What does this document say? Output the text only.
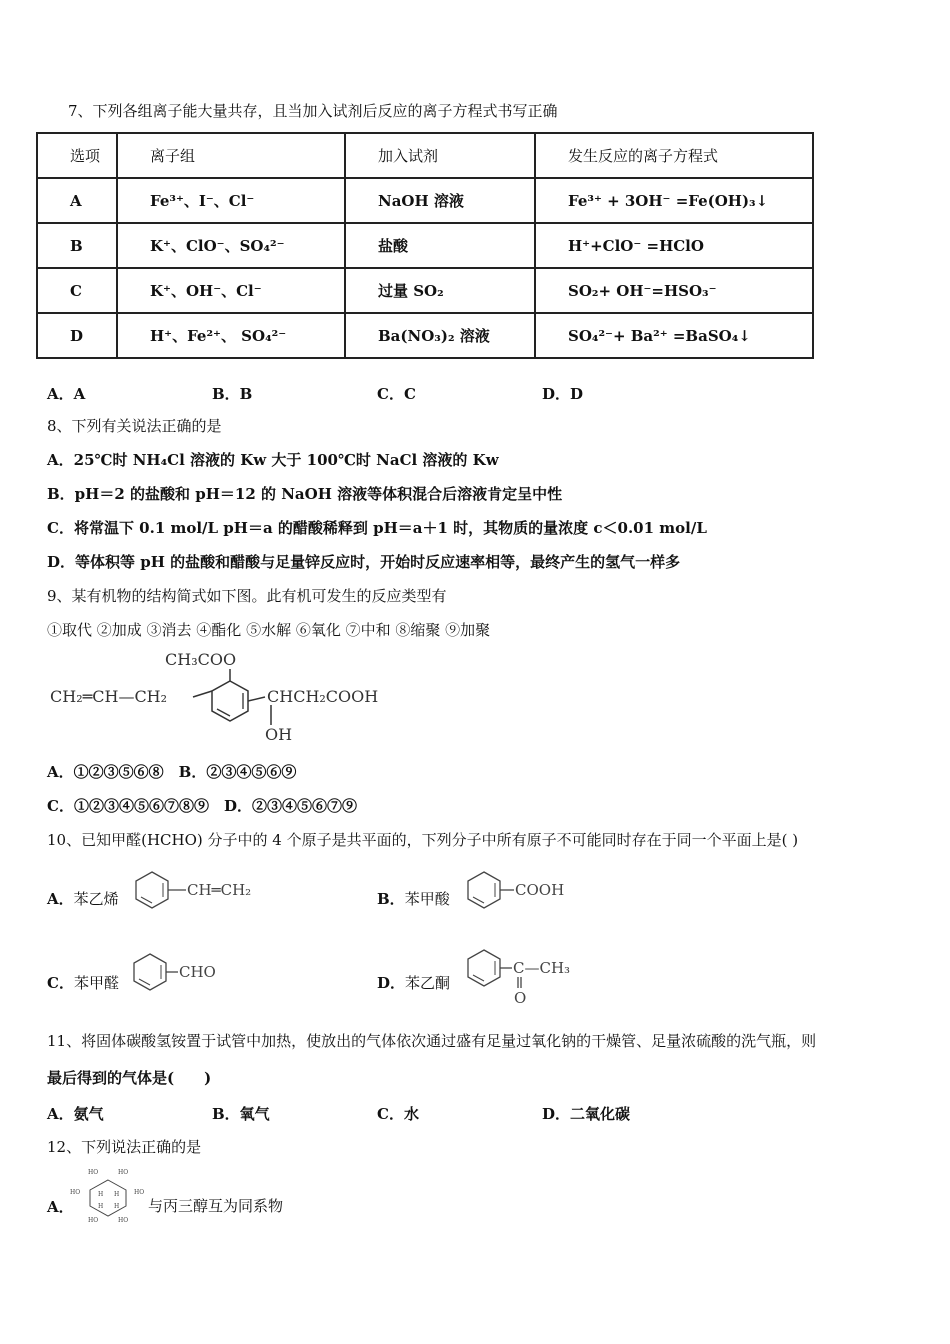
7、下列各组离子能大量共存，且当加入试剂后反应的离子方程式书写正确
选项	离子组	加入试剂	发生反应的离子方程式
A	Fe³⁺、I⁻、Cl⁻	NaOH 溶液	Fe³⁺ + 3OH⁻ =Fe(OH)₃↓
B	K⁺、ClO⁻、SO₄²⁻	盐酸	H⁺+ClO⁻ =HClO
C	K⁺、OH⁻、Cl⁻	过量 SO₂	SO₂+ OH⁻=HSO₃⁻
D	H⁺、Fe²⁺、 SO₄²⁻	Ba(NO₃)₂ 溶液	SO₄²⁻+ Ba²⁺ =BaSO₄↓
A．A	B．B	C．C	D．D
8、下列有关说法正确的是
A．25℃时 NH₄Cl 溶液的 Kw 大于 100℃时 NaCl 溶液的 Kw
B．pH＝2 的盐酸和 pH＝12 的 NaOH 溶液等体积混合后溶液肯定呈中性
C．将常温下 0.1 mol/L pH＝a 的醋酸稀释到 pH＝a＋1 时，其物质的量浓度 c＜0.01 mol/L
D．等体积等 pH 的盐酸和醋酸与足量锌反应时，开始时反应速率相等，最终产生的氢气一样多
9、某有机物的结构简式如下图。此有机可发生的反应类型有
①取代 ②加成 ③消去 ④酯化 ⑤水解 ⑥氧化 ⑦中和 ⑧缩聚 ⑨加聚
CH₃COO
CH₂═CH—CH₂	CHCH₂COOH
OH
A．①②③⑤⑥⑧　B．②③④⑤⑥⑨
C．①②③④⑤⑥⑦⑧⑨　D．②③④⑤⑥⑦⑨
10、已知甲醛(HCHO) 分子中的 4 个原子是共平面的，下列分子中所有原子不可能同时存在于同一个平面上是( )
A．苯乙烯	CH═CH₂	B．苯甲酸	COOH
C．苯甲醛
CHO
D．苯乙酮
C—CH₃
O
11、将固体碳酸氢铵置于试管中加热，使放出的气体依次通过盛有足量过氧化钠的干燥管、足量浓硫酸的洗气瓶，则
最后得到的气体是(　　)
A．氨气	B．氧气	C．水	D．二氧化碳
12、下列说法正确的是
A．
HO	HO
HO	HO
HO	HO
H H
H H 与丙三醇互为同系物
